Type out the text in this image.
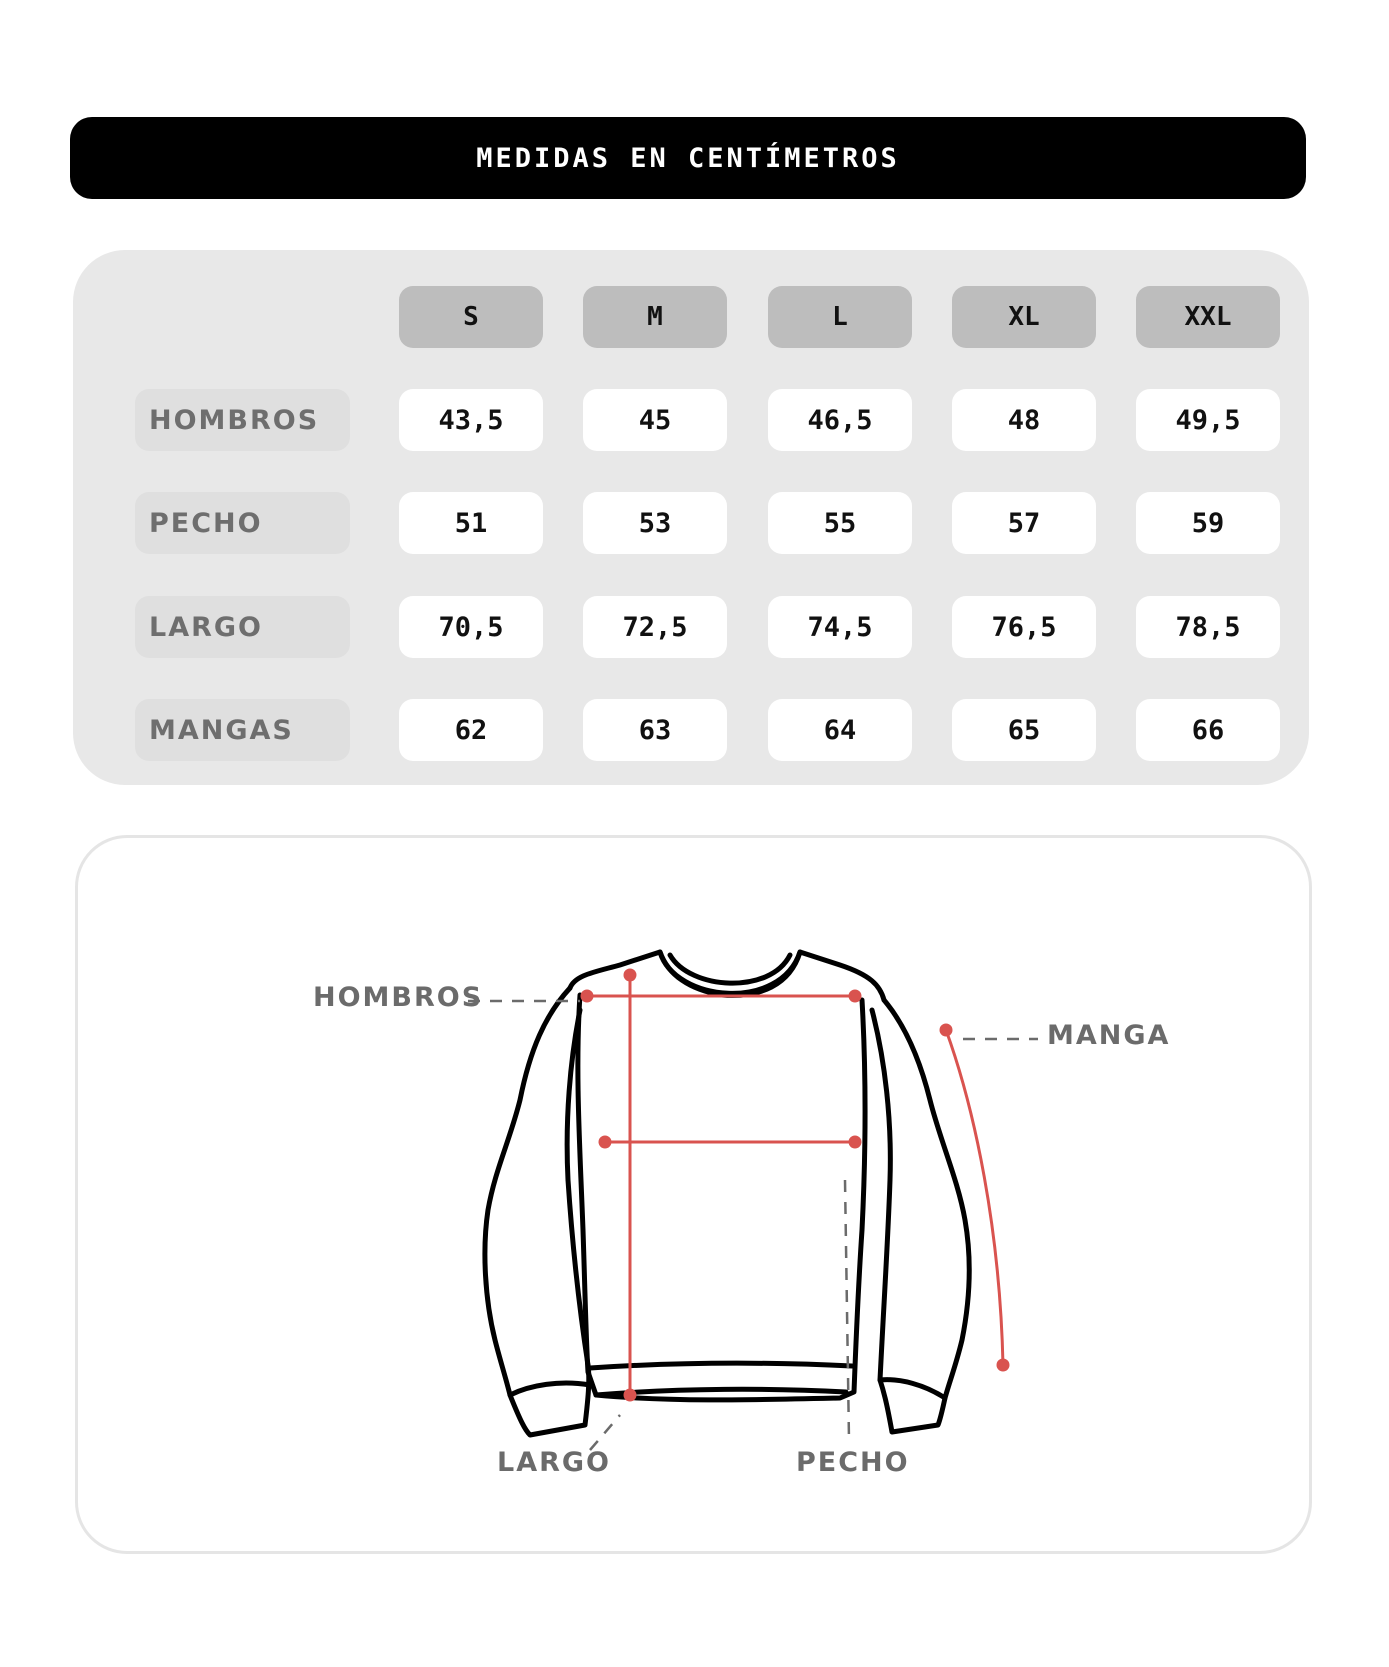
MEDIDAS EN CENTÍMETROS
S	M	L	XL	XXL
HOMBROS	43,5	45	46,5	48	49,5
PECHO	51	53	55	57	59
LARGO	70,5	72,5	74,5	76,5	78,5
MANGAS	62	63	64	65	66
HOMBROS
MANGA
LARGO	PECHO
